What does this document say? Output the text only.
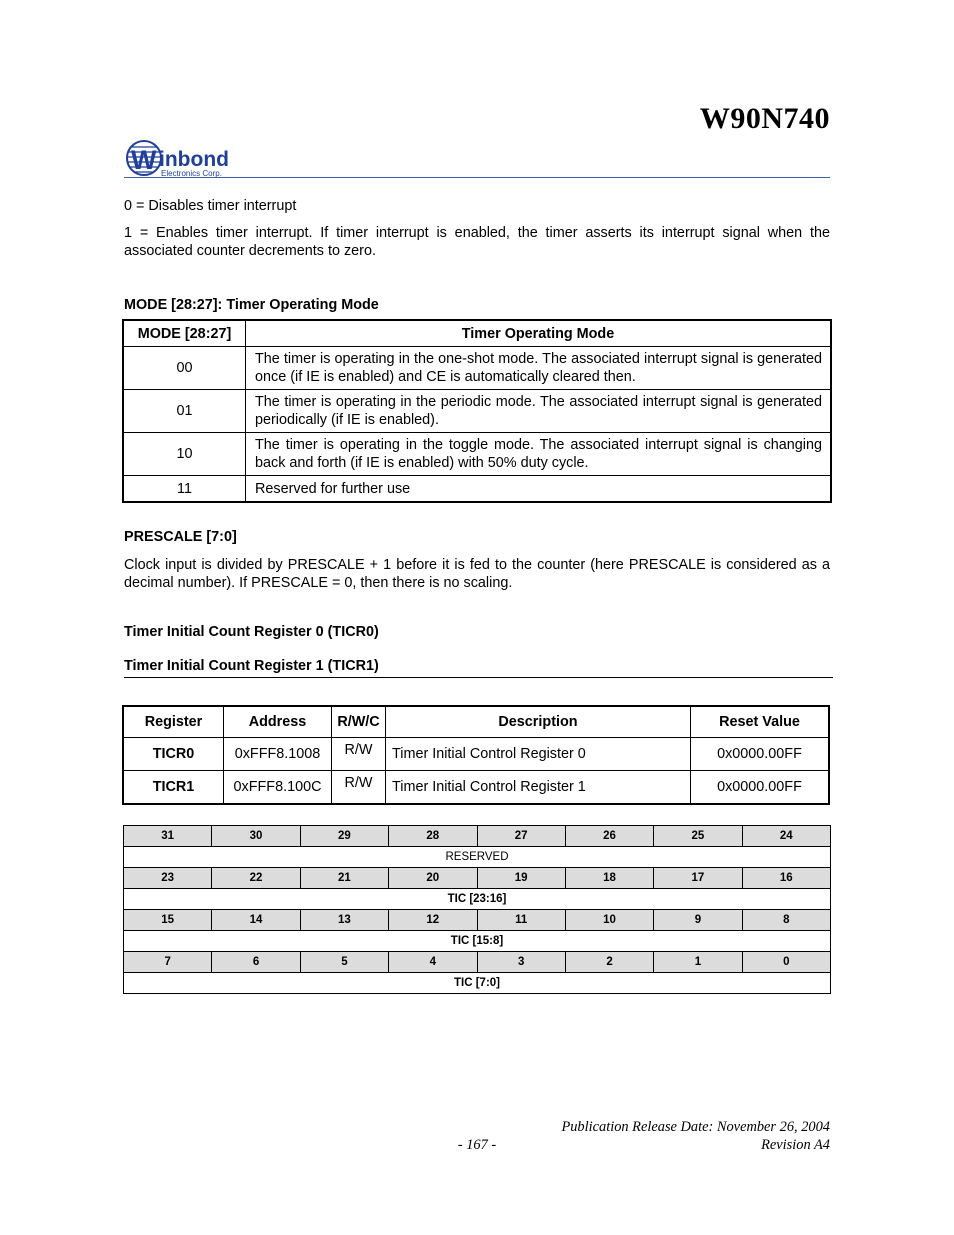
W90N740
W inbond
Electronics Corp.
0 = Disables timer interrupt
1 = Enables timer interrupt. If timer interrupt is enabled, the timer asserts its interrupt signal when the associated counter decrements to zero.
MODE [28:27]: Timer Operating Mode
MODE [28:27]	Timer Operating Mode
00	The timer is operating in the one-shot mode. The associated interrupt signal is generated once (if IE is enabled) and CE is automatically cleared then.
01	The timer is operating in the periodic mode. The associated interrupt signal is generated periodically (if IE is enabled).
10	The timer is operating in the toggle mode. The associated interrupt signal is changing back and forth (if IE is enabled) with 50% duty cycle.
11	Reserved for further use
PRESCALE [7:0]
Clock input is divided by PRESCALE + 1 before it is fed to the counter (here PRESCALE is considered as a decimal number). If PRESCALE = 0, then there is no scaling.
Timer Initial Count Register 0 (TICR0)
Timer Initial Count Register 1 (TICR1)
Register	Address	R/W/C	Description	Reset Value
TICR0	0xFFF8.1008	R/W	Timer Initial Control Register 0	0x0000.00FF
TICR1	0xFFF8.100C	R/W	Timer Initial Control Register 1	0x0000.00FF
31	30	29	28	27	26	25	24
RESERVED							
23	22	21	20	19	18	17	16
TIC [23:16]							
15	14	13	12	11	10	9	8
TIC [15:8]							
7	6	5	4	3	2	1	0
TIC [7:0]							
Publication Release Date: November 26, 2004
- 167 -	Revision A4
